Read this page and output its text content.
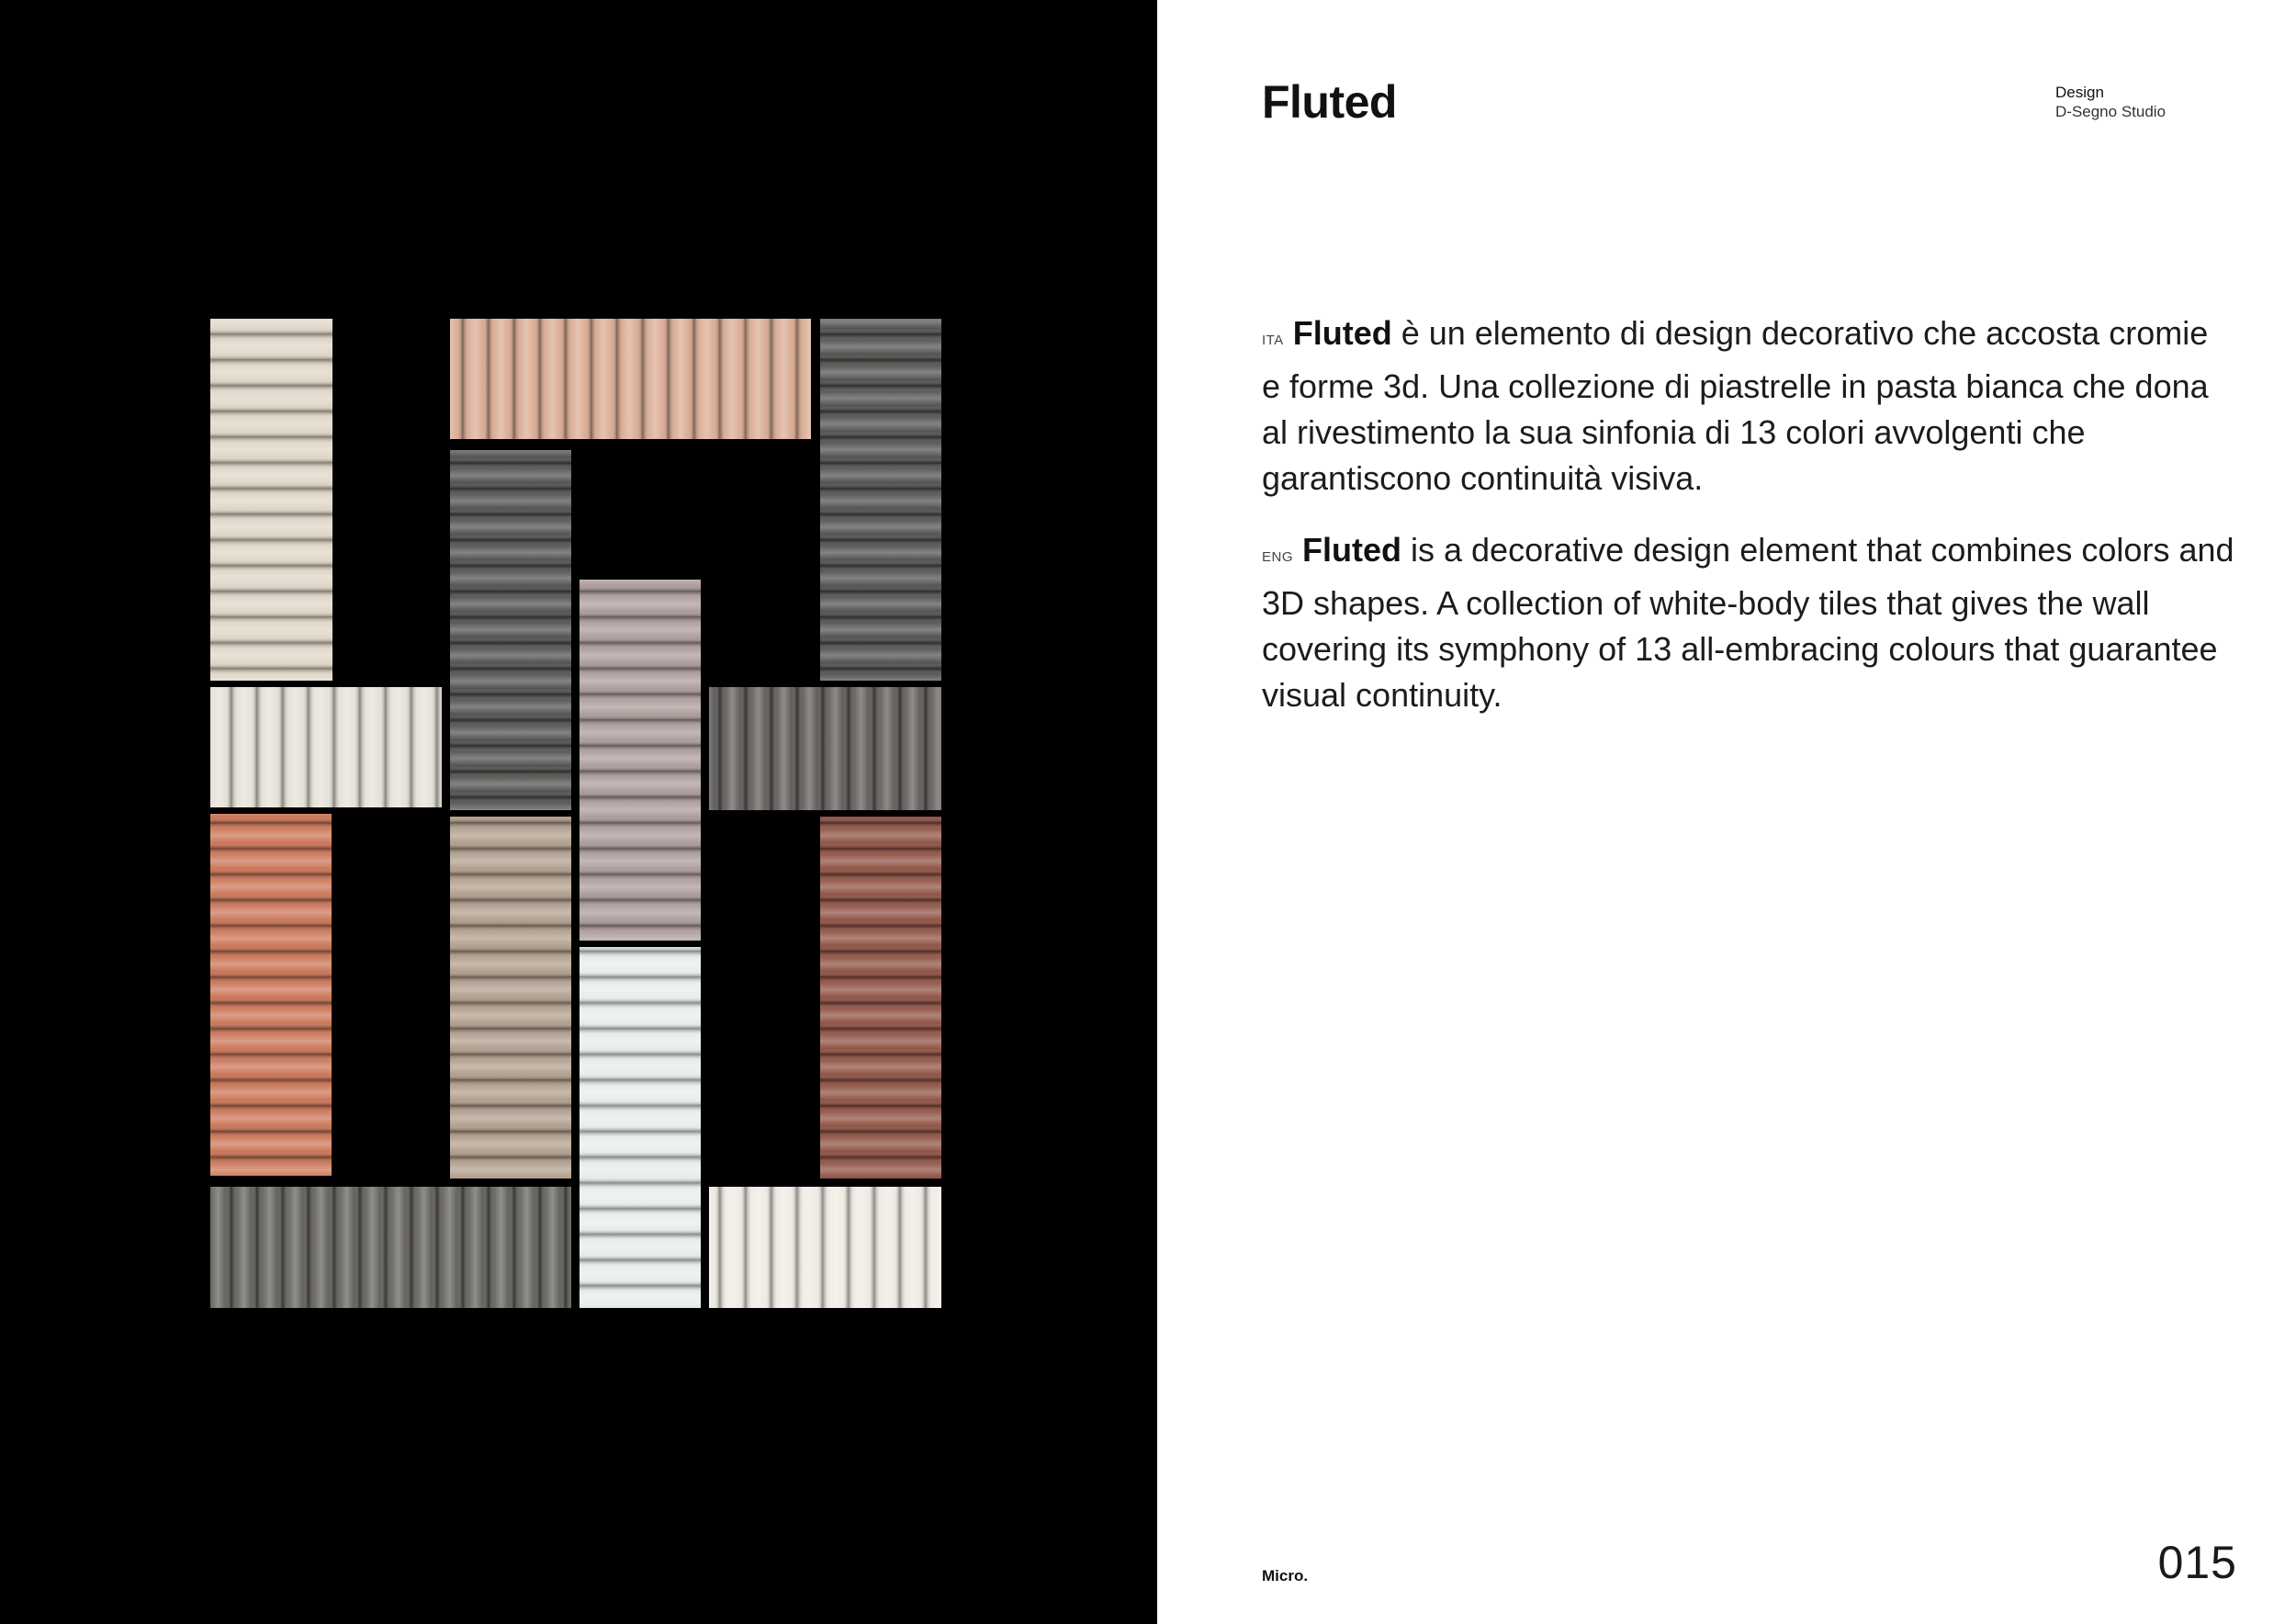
Fluted	Design
D-Segno Studio

ITA Fluted è un elemento di design decorativo che accosta cromie e forme 3d. Una collezione di piastrelle in pasta bianca che dona al rivestimento la sua sinfonia di 13 colori avvolgenti che garantiscono continuità visiva.

ENG Fluted is a decorative design element that combines colors and 3D shapes. A collection of white-body tiles that gives the wall covering its symphony of 13 all-embracing colours that guarantee visual continuity.

Micro.	015
